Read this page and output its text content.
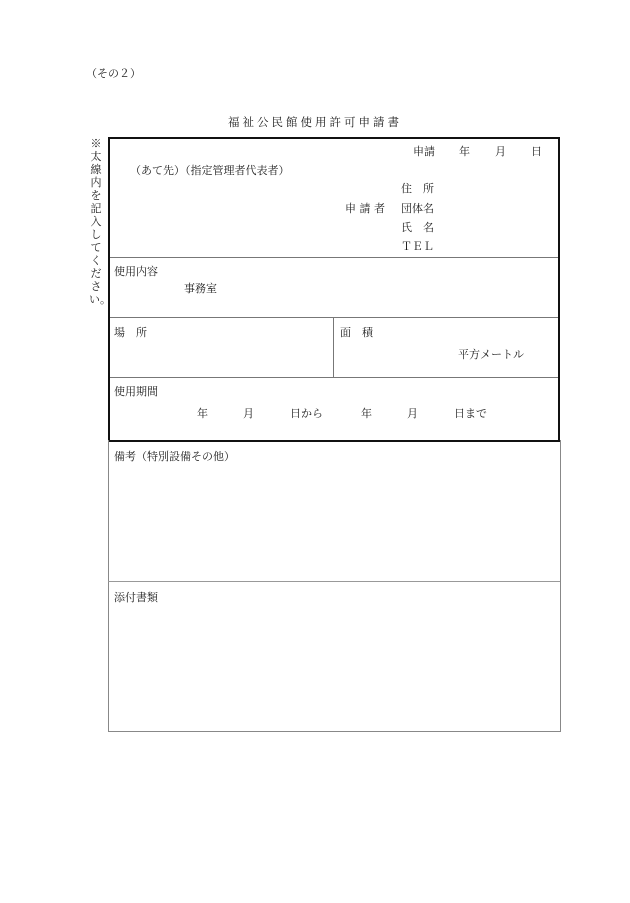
（その２）
福祉公民館使用許可申請書
※太線内を記入してください。
申請 年 月 日
（あて先）（指定管理者代表者）
住　所
申 請 者 団体名
氏　名
ＴＥＬ
使用内容
事務室
場　所	面　積
平方メートル
使用期間
年	月	日から	年	月	日まで
備考（特別設備その他）
添付書類
